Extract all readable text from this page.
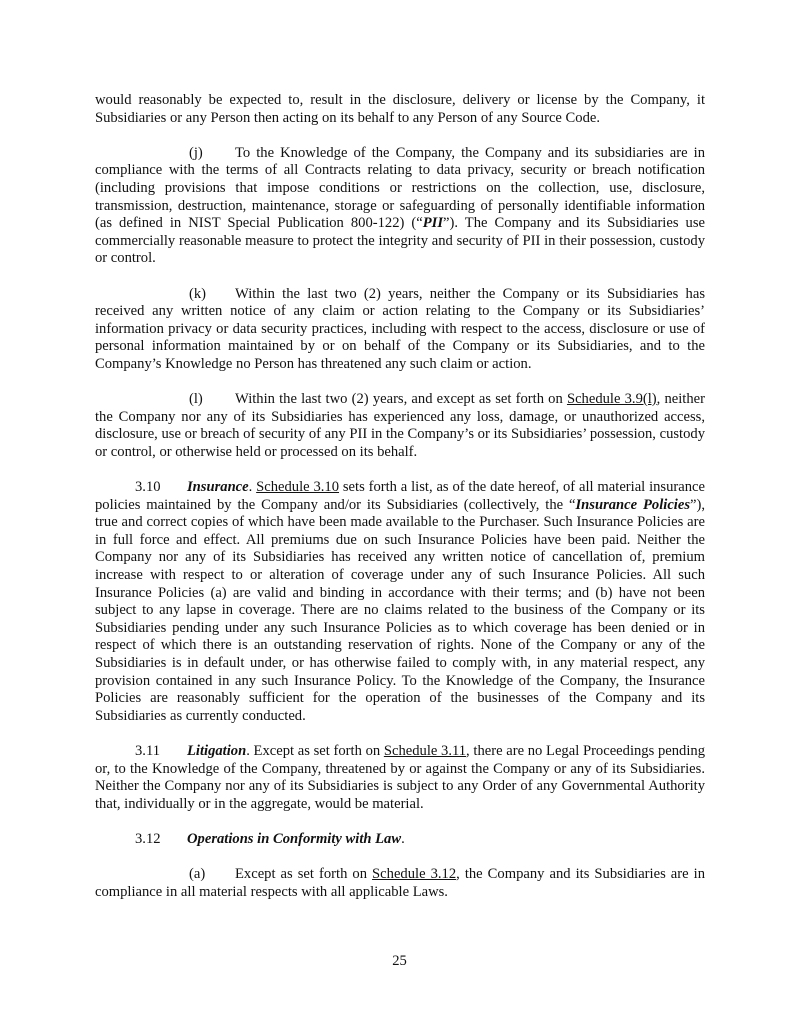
would reasonably be expected to, result in the disclosure, delivery or license by the Company, it Subsidiaries or any Person then acting on its behalf to any Person of any Source Code.

(j) To the Knowledge of the Company, the Company and its subsidiaries are in compliance with the terms of all Contracts relating to data privacy, security or breach notification (including provisions that impose conditions or restrictions on the collection, use, disclosure, transmission, destruction, maintenance, storage or safeguarding of personally identifiable information (as defined in NIST Special Publication 800-122) (“PII”). The Company and its Subsidiaries use commercially reasonable measure to protect the integrity and security of PII in their possession, custody or control.

(k) Within the last two (2) years, neither the Company or its Subsidiaries has received any written notice of any claim or action relating to the Company or its Subsidiaries’ information privacy or data security practices, including with respect to the access, disclosure or use of personal information maintained by or on behalf of the Company or its Subsidiaries, and to the Company’s Knowledge no Person has threatened any such claim or action.

(l) Within the last two (2) years, and except as set forth on Schedule 3.9(l), neither the Company nor any of its Subsidiaries has experienced any loss, damage, or unauthorized access, disclosure, use or breach of security of any PII in the Company’s or its Subsidiaries’ possession, custody or control, or otherwise held or processed on its behalf.

3.10 Insurance. Schedule 3.10 sets forth a list, as of the date hereof, of all material insurance policies maintained by the Company and/or its Subsidiaries (collectively, the “Insurance Policies”), true and correct copies of which have been made available to the Purchaser. Such Insurance Policies are in full force and effect. All premiums due on such Insurance Policies have been paid. Neither the Company nor any of its Subsidiaries has received any written notice of cancellation of, premium increase with respect to or alteration of coverage under any of such Insurance Policies. All such Insurance Policies (a) are valid and binding in accordance with their terms; and (b) have not been subject to any lapse in coverage. There are no claims related to the business of the Company or its Subsidiaries pending under any such Insurance Policies as to which coverage has been denied or in respect of which there is an outstanding reservation of rights. None of the Company or any of the Subsidiaries is in default under, or has otherwise failed to comply with, in any material respect, any provision contained in any such Insurance Policy. To the Knowledge of the Company, the Insurance Policies are reasonably sufficient for the operation of the businesses of the Company and its Subsidiaries as currently conducted.

3.11 Litigation. Except as set forth on Schedule 3.11, there are no Legal Proceedings pending or, to the Knowledge of the Company, threatened by or against the Company or any of its Subsidiaries. Neither the Company nor any of its Subsidiaries is subject to any Order of any Governmental Authority that, individually or in the aggregate, would be material.

3.12 Operations in Conformity with Law.

(a) Except as set forth on Schedule 3.12, the Company and its Subsidiaries are in compliance in all material respects with all applicable Laws.

25
